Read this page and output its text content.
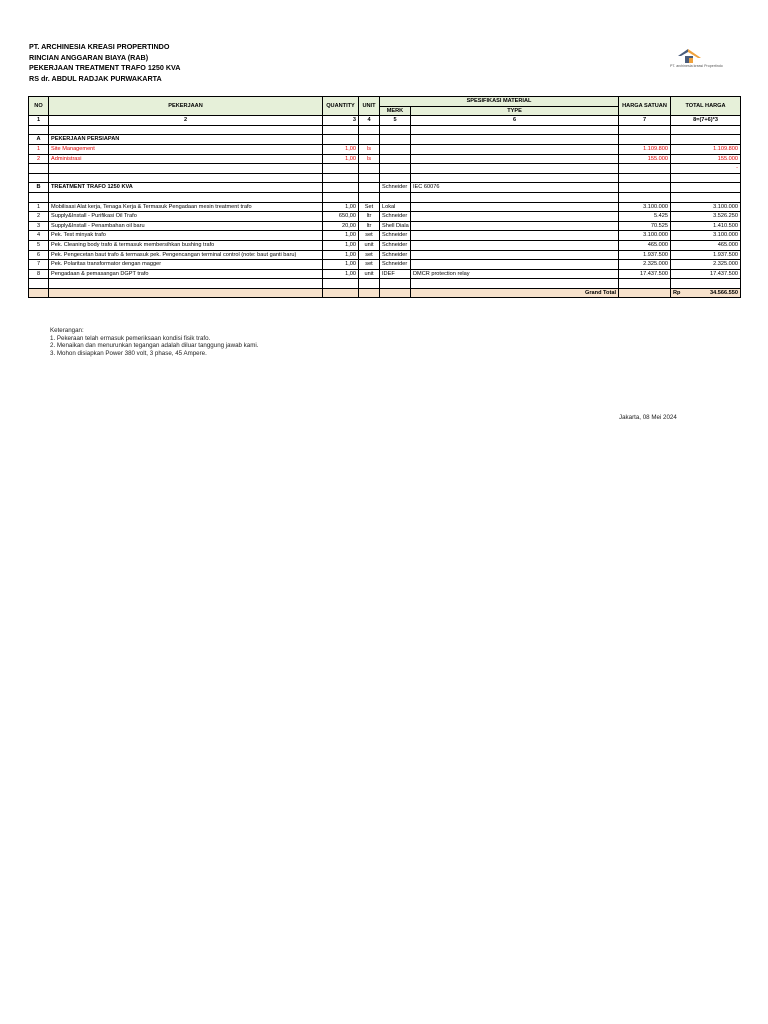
PT. ARCHINESIA KREASI PROPERTINDO
RINCIAN ANGGARAN BIAYA (RAB)
PEKERJAAN TREATMENT TRAFO 1250 KVA
RS dr. ABDUL RADJAK PURWAKARTA
PT. archinesia kreasi Propertindo
NO	PEKERJAAN	QUANTITY	UNIT	SPESIFIKASI MATERIAL		HARGA SATUAN	TOTAL HARGA
				MERK	TYPE		
1	2	3	4	5	6	7	8=(7+6)*3

A	PEKERJAAN PERSIAPAN						
1	Site Management	1,00	ls			1.109.800	1.109.800
2	Administrasi	1,00	ls			155.000	155.000
							-

B	TREATMENT TRAFO 1250 KVA			Schneider	IEC 60076		

1	Mobilisasi Alat kerja, Tenaga Kerja & Termasuk Pengadaan mesin treatment trafo	1,00	Set	Lokal		3.100.000	3.100.000
2	Supply&Install - Purifikasi Oil Trafo	650,00	ltr	Schneider		5.425	3.526.250
3	Supply&Install - Penambahan oil baru	20,00	ltr	Shell Diala		70.525	1.410.500
4	Pek. Test minyak trafo	1,00	set	Schneider		3.100.000	3.100.000
5	Pek. Cleaning body trafo & termasuk membersihkan bushing trafo	1,00	unit	Schneider		465.000	465.000
6	Pek. Pengecetan baut trafo & termasuk pek. Pengencangan terminal control (note: baut ganti baru)	1,00	set	Schneider		1.937.500	1.937.500
7	Pek. Polaritas transformator dengan magger	1,00	set	Schneider		2.325.000	2.325.000
8	Pengadaan & pemasangan DGPT trafo	1,00	unit	IDEF	DMCR protection relay	17.437.500	17.437.500

					Grand Total		Rp 34.566.550
Keterangan:
1. Pekeraan telah ermasuk pemeriksaan kondisi fisik trafo.
2. Menaikan dan menurunkan tegangan adalah diluar tanggung jawab kami.
3. Mohon disiapkan Power 380 volt, 3 phase, 45 Ampere.
Jakarta, 08 Mei 2024
